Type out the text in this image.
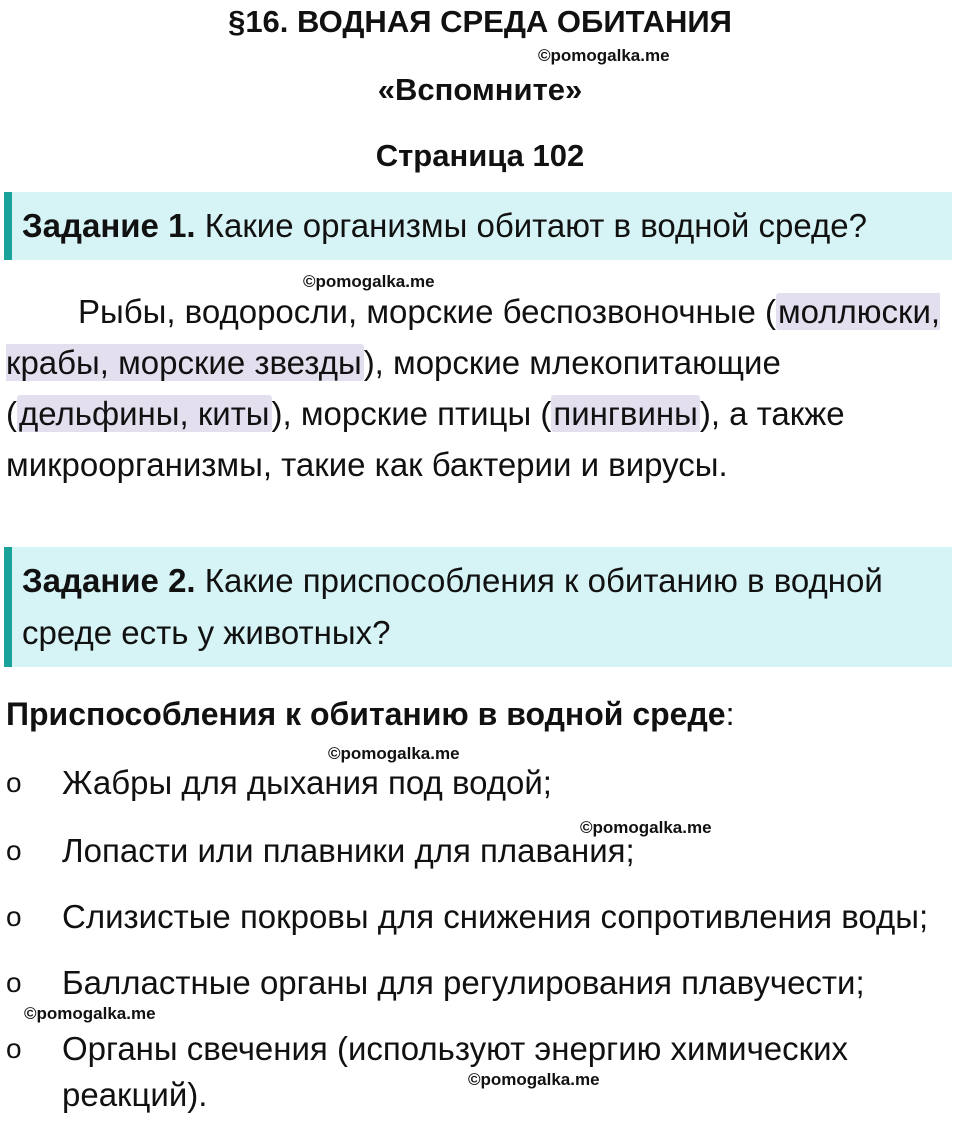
§16. ВОДНАЯ СРЕДА ОБИТАНИЯ
©pomogalka.me
«Вспомните»
Страница 102
Задание 1. Какие организмы обитают в водной среде?
©pomogalka.me
Рыбы, водоросли, морские беспозвоночные (моллюски, крабы, морские звезды), морские млекопитающие (дельфины, киты), морские птицы (пингвины), а также микроорганизмы, такие как бактерии и вирусы.
Задание 2. Какие приспособления к обитанию в водной среде есть у животных?
Приспособления к обитанию в водной среде:
©pomogalka.me
o Жабры для дыхания под водой;
©pomogalka.me
o Лопасти или плавники для плавания;
o Слизистые покровы для снижения сопротивления воды;
o Балластные органы для регулирования плавучести;
©pomogalka.me
o Органы свечения (используют энергию химических реакций).	©pomogalka.me
